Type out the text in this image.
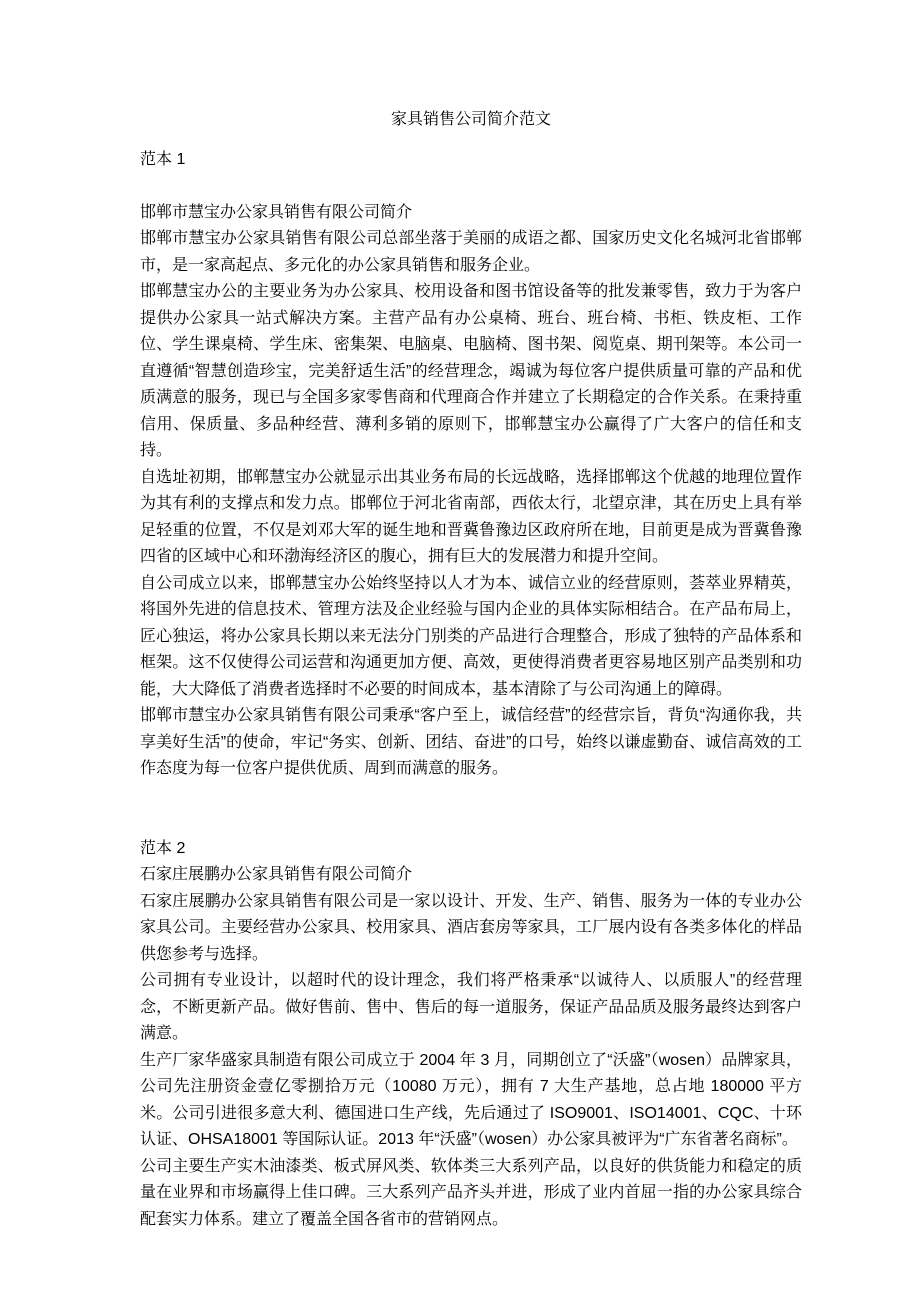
家具销售公司简介范文

范本 1

邯郸市慧宝办公家具销售有限公司简介

邯郸市慧宝办公家具销售有限公司总部坐落于美丽的成语之都、国家历史文化名城河北省邯郸市，是一家高起点、多元化的办公家具销售和服务企业。

邯郸慧宝办公的主要业务为办公家具、校用设备和图书馆设备等的批发兼零售，致力于为客户提供办公家具一站式解决方案。主营产品有办公桌椅、班台、班台椅、书柜、铁皮柜、工作位、学生课桌椅、学生床、密集架、电脑桌、电脑椅、图书架、阅览桌、期刊架等。本公司一直遵循“智慧创造珍宝，完美舒适生活”的经营理念，竭诚为每位客户提供质量可靠的产品和优质满意的服务，现已与全国多家零售商和代理商合作并建立了长期稳定的合作关系。在秉持重信用、保质量、多品种经营、薄利多销的原则下，邯郸慧宝办公赢得了广大客户的信任和支持。

自选址初期，邯郸慧宝办公就显示出其业务布局的长远战略，选择邯郸这个优越的地理位置作为其有利的支撑点和发力点。邯郸位于河北省南部，西依太行，北望京津，其在历史上具有举足轻重的位置，不仅是刘邓大军的诞生地和晋冀鲁豫边区政府所在地，目前更是成为晋冀鲁豫四省的区域中心和环渤海经济区的腹心，拥有巨大的发展潜力和提升空间。

自公司成立以来，邯郸慧宝办公始终坚持以人才为本、诚信立业的经营原则，荟萃业界精英，将国外先进的信息技术、管理方法及企业经验与国内企业的具体实际相结合。在产品布局上，匠心独运，将办公家具长期以来无法分门别类的产品进行合理整合，形成了独特的产品体系和框架。这不仅使得公司运营和沟通更加方便、高效，更使得消费者更容易地区别产品类别和功能，大大降低了消费者选择时不必要的时间成本，基本清除了与公司沟通上的障碍。

邯郸市慧宝办公家具销售有限公司秉承“客户至上，诚信经营”的经营宗旨，背负“沟通你我，共享美好生活”的使命，牢记“务实、创新、团结、奋进”的口号，始终以谦虚勤奋、诚信高效的工作态度为每一位客户提供优质、周到而满意的服务。

范本 2

石家庄展鹏办公家具销售有限公司简介

石家庄展鹏办公家具销售有限公司是一家以设计、开发、生产、销售、服务为一体的专业办公家具公司。主要经营办公家具、校用家具、酒店套房等家具，工厂展内设有各类多体化的样品供您参考与选择。

公司拥有专业设计，以超时代的设计理念，我们将严格秉承“以诚待人、以质服人”的经营理念，不断更新产品。做好售前、售中、售后的每一道服务，保证产品品质及服务最终达到客户满意。

生产厂家华盛家具制造有限公司成立于 2004 年 3 月，同期创立了“沃盛”（wosen）品牌家具，公司先注册资金壹亿零捌拾万元（10080 万元），拥有 7 大生产基地，总占地 180000 平方米。公司引进很多意大利、德国进口生产线，先后通过了 ISO9001、ISO14001、CQC、十环认证、OHSA18001 等国际认证。2013 年“沃盛”（wosen）办公家具被评为“广东省著名商标”。

公司主要生产实木油漆类、板式屏风类、软体类三大系列产品，以良好的供货能力和稳定的质量在业界和市场赢得上佳口碑。三大系列产品齐头并进，形成了业内首屈一指的办公家具综合配套实力体系。建立了覆盖全国各省市的营销网点。
